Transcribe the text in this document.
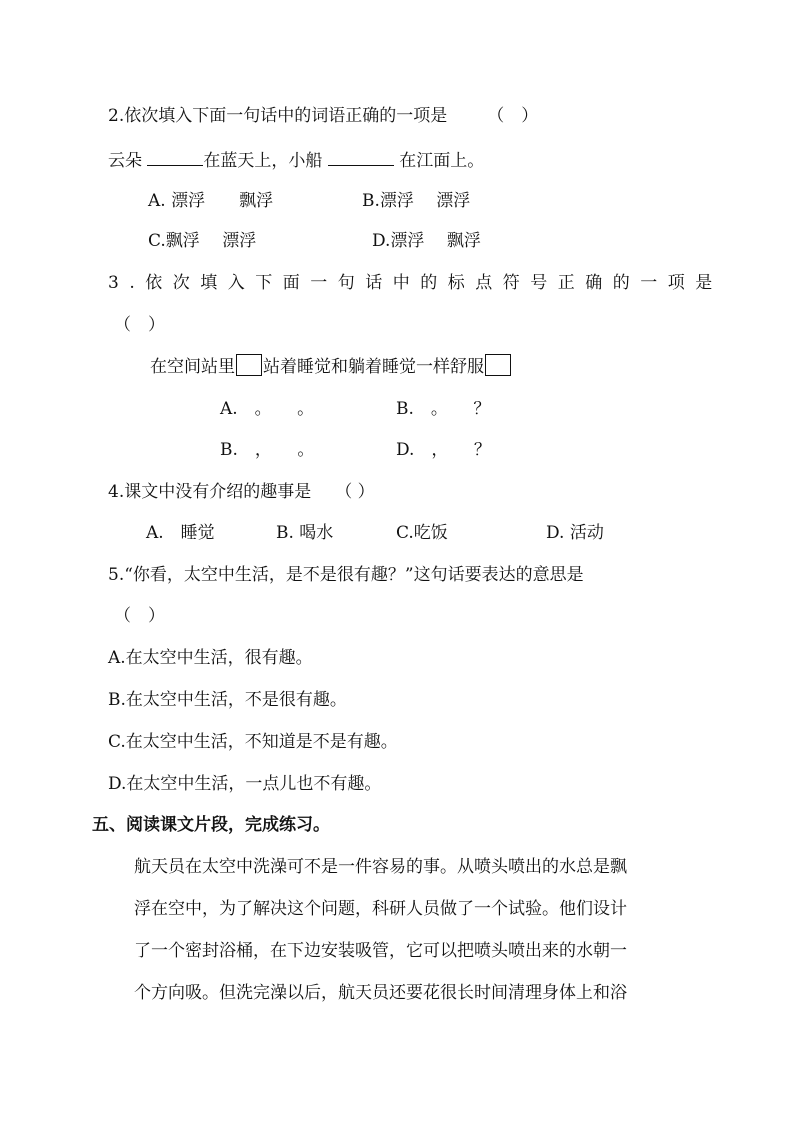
2.依次填入下面一句话中的词语正确的一项是 （　）
云朵	在蓝天上，小船	在江面上。
A. 漂浮　　飘浮	B.漂浮　 漂浮
C.飘浮　 漂浮	D.漂浮　 飘浮
3.依次填入下面一句话中的标点符号正确的一项是
（　）
在空间站里 站着睡觉和躺着睡觉一样舒服
A.　。　　。	B.　。　　？
B.　，　　。	D.　，　　？
4.课文中没有介绍的趣事是 （ ）
A.　睡觉	B. 喝水	C.吃饭	D. 活动
5.“你看，太空中生活，是不是很有趣？”这句话要表达的意思是
（　）
A.在太空中生活，很有趣。
B.在太空中生活，不是很有趣。
C.在太空中生活，不知道是不是有趣。
D.在太空中生活，一点儿也不有趣。
五、阅读课文片段，完成练习。
航天员在太空中洗澡可不是一件容易的事。从喷头喷出的水总是飘
浮在空中，为了解决这个问题，科研人员做了一个试验。他们设计
了一个密封浴桶，在下边安装吸管，它可以把喷头喷出来的水朝一
个方向吸。但洗完澡以后，航天员还要花很长时间清理身体上和浴
